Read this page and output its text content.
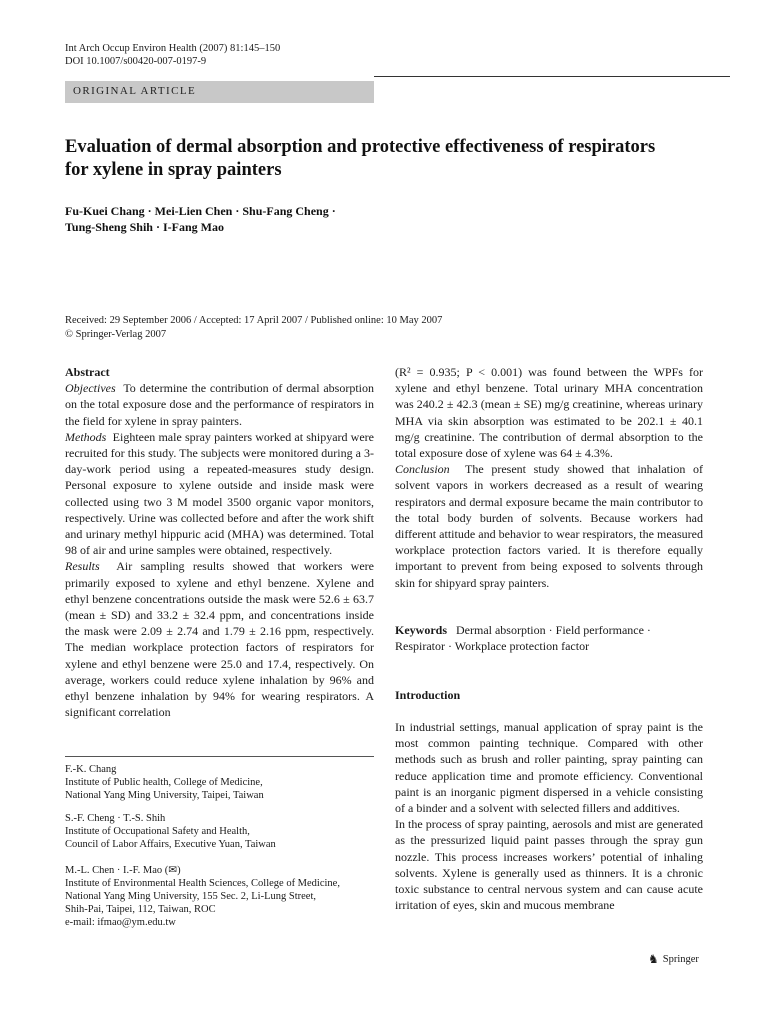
Int Arch Occup Environ Health (2007) 81:145–150
DOI 10.1007/s00420-007-0197-9
ORIGINAL ARTICLE
Evaluation of dermal absorption and protective effectiveness of respirators for xylene in spray painters
Fu-Kuei Chang · Mei-Lien Chen · Shu-Fang Cheng ·
Tung-Sheng Shih · I-Fang Mao
Received: 29 September 2006 / Accepted: 17 April 2007 / Published online: 10 May 2007
© Springer-Verlag 2007
Abstract
Objectives To determine the contribution of dermal absorption on the total exposure dose and the performance of respirators in the field for xylene in spray painters.
Methods Eighteen male spray painters worked at shipyard were recruited for this study. The subjects were monitored during a 3-day-work period using a repeated-measures study design. Personal exposure to xylene outside and inside mask were collected using two 3 M model 3500 organic vapor monitors, respectively. Urine was collected before and after the work shift and urinary methyl hippuric acid (MHA) was determined. Total 98 of air and urine samples were obtained, respectively.
Results Air sampling results showed that workers were primarily exposed to xylene and ethyl benzene. Xylene and ethyl benzene concentrations outside the mask were 52.6 ± 63.7 (mean ± SD) and 33.2 ± 32.4 ppm, and concentrations inside the mask were 2.09 ± 2.74 and 1.79 ± 2.16 ppm, respectively. The median workplace protection factors of respirators for xylene and ethyl benzene were 25.0 and 17.4, respectively. On average, workers could reduce xylene inhalation by 96% and ethyl benzene inhalation by 94% for wearing respirators. A significant correlation
F.-K. Chang
Institute of Public health, College of Medicine,
National Yang Ming University, Taipei, Taiwan
S.-F. Cheng · T.-S. Shih
Institute of Occupational Safety and Health,
Council of Labor Affairs, Executive Yuan, Taiwan
M.-L. Chen · I.-F. Mao (✉)
Institute of Environmental Health Sciences, College of Medicine,
National Yang Ming University, 155 Sec. 2, Li-Lung Street,
Shih-Pai, Taipei, 112, Taiwan, ROC
e-mail: ifmao@ym.edu.tw
(R² = 0.935; P < 0.001) was found between the WPFs for xylene and ethyl benzene. Total urinary MHA concentration was 240.2 ± 42.3 (mean ± SE) mg/g creatinine, whereas urinary MHA via skin absorption was estimated to be 202.1 ± 40.1 mg/g creatinine. The contribution of dermal absorption to the total exposure dose of xylene was 64 ± 4.3%.
Conclusion The present study showed that inhalation of solvent vapors in workers decreased as a result of wearing respirators and dermal exposure became the main contributor to the total body burden of solvents. Because workers had different attitude and behavior to wear respirators, the measured workplace protection factors varied. It is therefore equally important to prevent from being exposed to solvents through skin for shipyard spray painters.
Keywords Dermal absorption · Field performance · Respirator · Workplace protection factor
Introduction
In industrial settings, manual application of spray paint is the most common painting technique. Compared with other methods such as brush and roller painting, spray painting can reduce application time and promote efficiency. Conventional paint is an inorganic pigment dispersed in a vehicle consisting of a binder and a solvent with selected fillers and additives.
In the process of spray painting, aerosols and mist are generated as the pressurized liquid paint passes through the spray gun nozzle. This process increases workers’ potential of inhaling solvents. Xylene is generally used as thinners. It is a chronic toxic substance to central nervous system and can cause acute irritation of eyes, skin and mucous membrane
♞ Springer
